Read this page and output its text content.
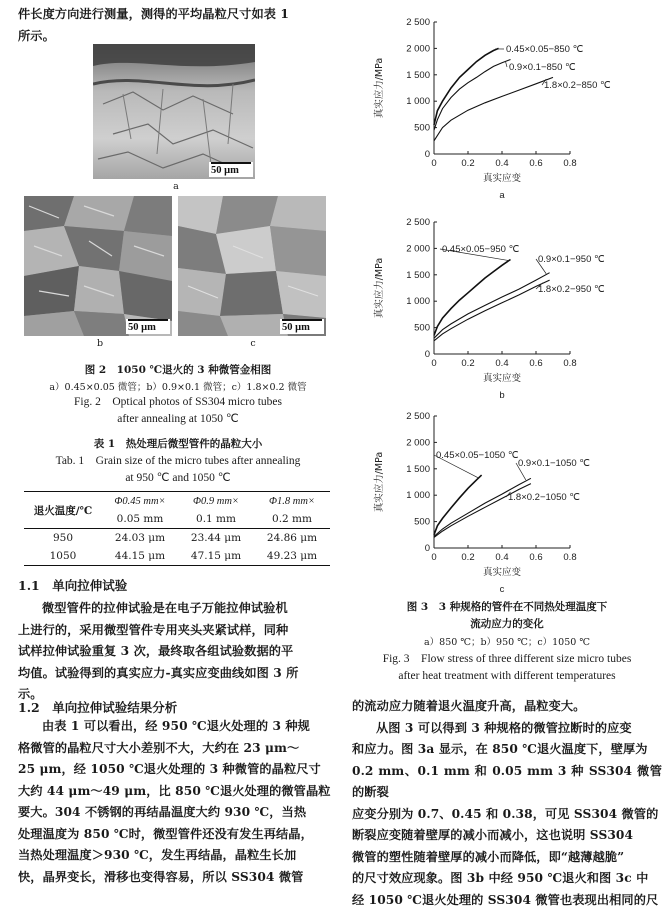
件长度方向进行测量，测得的平均晶粒尺寸如表 1
所示。
50 μm
a
50 μm
b
50 μm
c
图 2　1050 ℃退火的 3 种微管金相图
a）0.45×0.05 微管；b）0.9×0.1 微管；c）1.8×0.2 微管
Fig. 2　Optical photos of SS304 micro tubes
after annealing at 1050 ℃
表 1　热处理后微型管件的晶粒大小
Tab. 1　Grain size of the micro tubes after annealing
at 950 ℃ and 1050 ℃
退火温度/℃	Φ0.45 mm×	Φ0.9 mm×	Φ1.8 mm×
	0.05 mm	0.1 mm	0.2 mm
950	24.03 μm	23.44 μm	24.86 μm
1050	44.15 μm	47.15 μm	49.23 μm
1.1　单向拉伸试验
微型管件的拉伸试验是在电子万能拉伸试验机
上进行的，采用微型管件专用夹头夹紧试样，同种
试样拉伸试验重复 3 次，最终取各组试验数据的平
均值。试验得到的真实应力-真实应变曲线如图 3 所
示。
1.2　单向拉伸试验结果分析
由表 1 可以看出，经 950 ℃退火处理的 3 种规
格微管的晶粒尺寸大小差别不大，大约在 23 μm～
25 μm，经 1050 ℃退火处理的 3 种微管的晶粒尺寸
大约 44 μm～49 μm，比 850 ℃退火处理的微管晶粒
要大。304 不锈钢的再结晶温度大约 930 ℃，当热
处理温度为 850 ℃时，微型管件还没有发生再结晶，
当热处理温度＞930 ℃，发生再结晶，晶粒生长加
快，晶界变长，滑移也变得容易，所以 SS304 微管
0
500
1 000
1 500
2 000
2 500
0	0.2 0.4 0.6 0.8
真实应变
真实应力/MPa
a
0.45×0.05−850 ℃
0.9×0.1−850 ℃
1.8×0.2−850 ℃
0
500
1 000
1 500
2 000
2 500
0	0.2 0.4 0.6 0.8
真实应变
真实应力/MPa
b
0.45×0.05−950 ℃
0.9×0.1−950 ℃
1.8×0.2−950 ℃
0
500
1 000
1 500
2 000
2 500
0	0.2 0.4 0.6 0.8
真实应变
真实应力/MPa
c
0.45×0.05−1050 ℃
0.9×0.1−1050 ℃
1.8×0.2−1050 ℃
图 3　3 种规格的管件在不同热处理温度下
流动应力的变化
a）850 ℃；b）950 ℃；c）1050 ℃
Fig. 3　Flow stress of three different size micro tubes
after heat treatment with different temperatures
的流动应力随着退火温度升高，晶粒变大。
从图 3 可以得到 3 种规格的微管拉断时的应变
和应力。图 3a 显示，在 850 ℃退火温度下，壁厚为
0.2 mm、0.1 mm 和 0.05 mm 3 种 SS304 微管的断裂
应变分别为 0.7、0.45 和 0.38，可见 SS304 微管的
断裂应变随着壁厚的减小而减小，这也说明 SS304
微管的塑性随着壁厚的减小而降低，即“越薄越脆”
的尺寸效应现象。图 3b 中经 950 ℃退火和图 3c 中
经 1050 ℃退火处理的 SS304 微管也表现出相同的尺
